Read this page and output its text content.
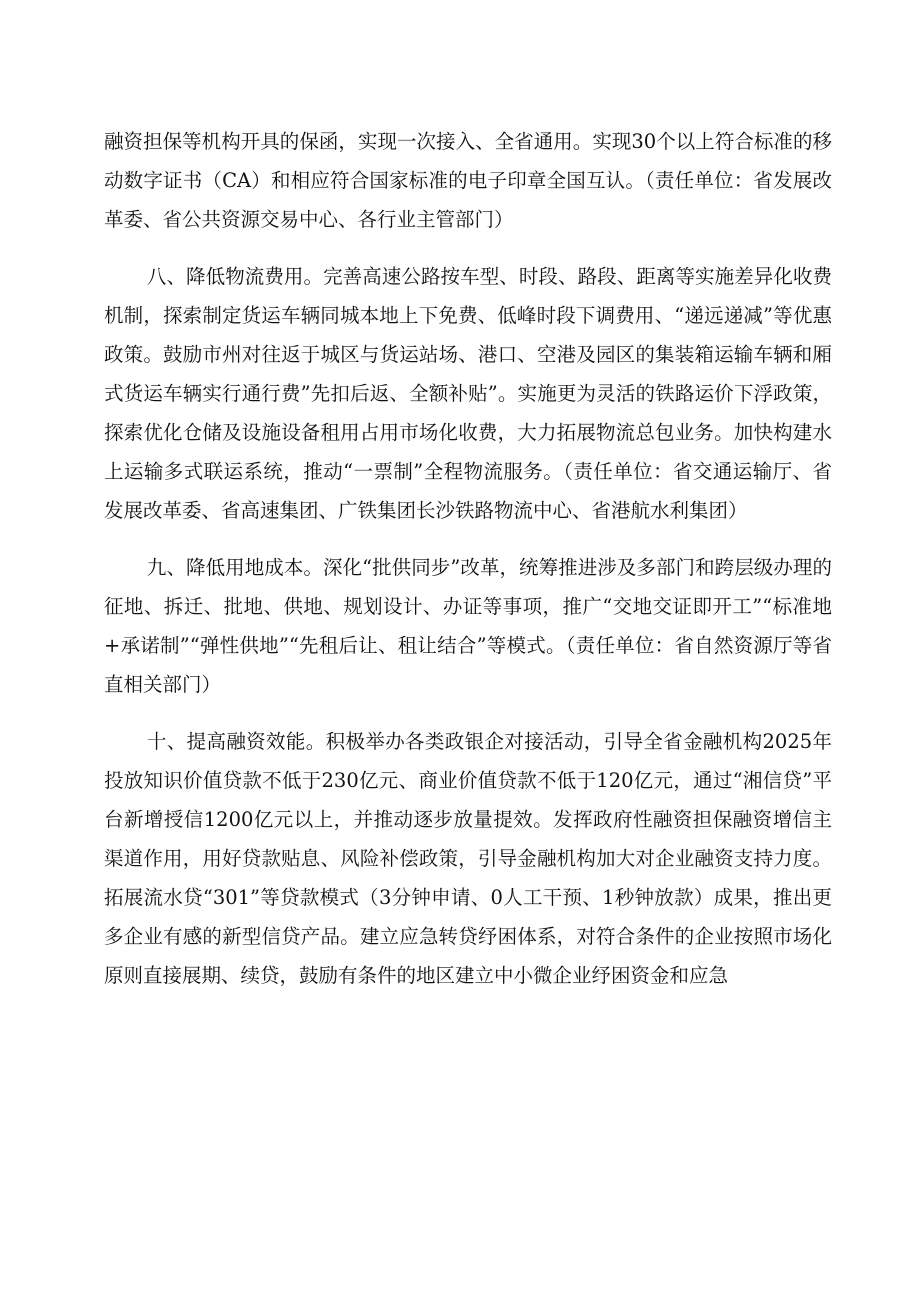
融资担保等机构开具的保函，实现一次接入、全省通用。实现30个以上符合标准的移动数字证书（CA）和相应符合国家标准的电子印章全国互认。（责任单位：省发展改革委、省公共资源交易中心、各行业主管部门）

八、降低物流费用。完善高速公路按车型、时段、路段、距离等实施差异化收费机制，探索制定货运车辆同城本地上下免费、低峰时段下调费用、“递远递减”等优惠政策。鼓励市州对往返于城区与货运站场、港口、空港及园区的集装箱运输车辆和厢式货运车辆实行通行费”先扣后返、全额补贴”。实施更为灵活的铁路运价下浮政策，探索优化仓储及设施设备租用占用市场化收费，大力拓展物流总包业务。加快构建水上运输多式联运系统，推动“一票制”全程物流服务。（责任单位：省交通运输厅、省发展改革委、省高速集团、广铁集团长沙铁路物流中心、省港航水利集团）

九、降低用地成本。深化“批供同步”改革，统筹推进涉及多部门和跨层级办理的征地、拆迁、批地、供地、规划设计、办证等事项，推广“交地交证即开工”“标准地+承诺制”“弹性供地”“先租后让、租让结合”等模式。（责任单位：省自然资源厅等省直相关部门）

十、提高融资效能。积极举办各类政银企对接活动，引导全省金融机构2025年投放知识价值贷款不低于230亿元、商业价值贷款不低于120亿元，通过“湘信贷”平台新增授信1200亿元以上，并推动逐步放量提效。发挥政府性融资担保融资增信主渠道作用，用好贷款贴息、风险补偿政策，引导金融机构加大对企业融资支持力度。拓展流水贷“301”等贷款模式（3分钟申请、0人工干预、1秒钟放款）成果，推出更多企业有感的新型信贷产品。建立应急转贷纾困体系，对符合条件的企业按照市场化原则直接展期、续贷，鼓励有条件的地区建立中小微企业纾困资金和应急
